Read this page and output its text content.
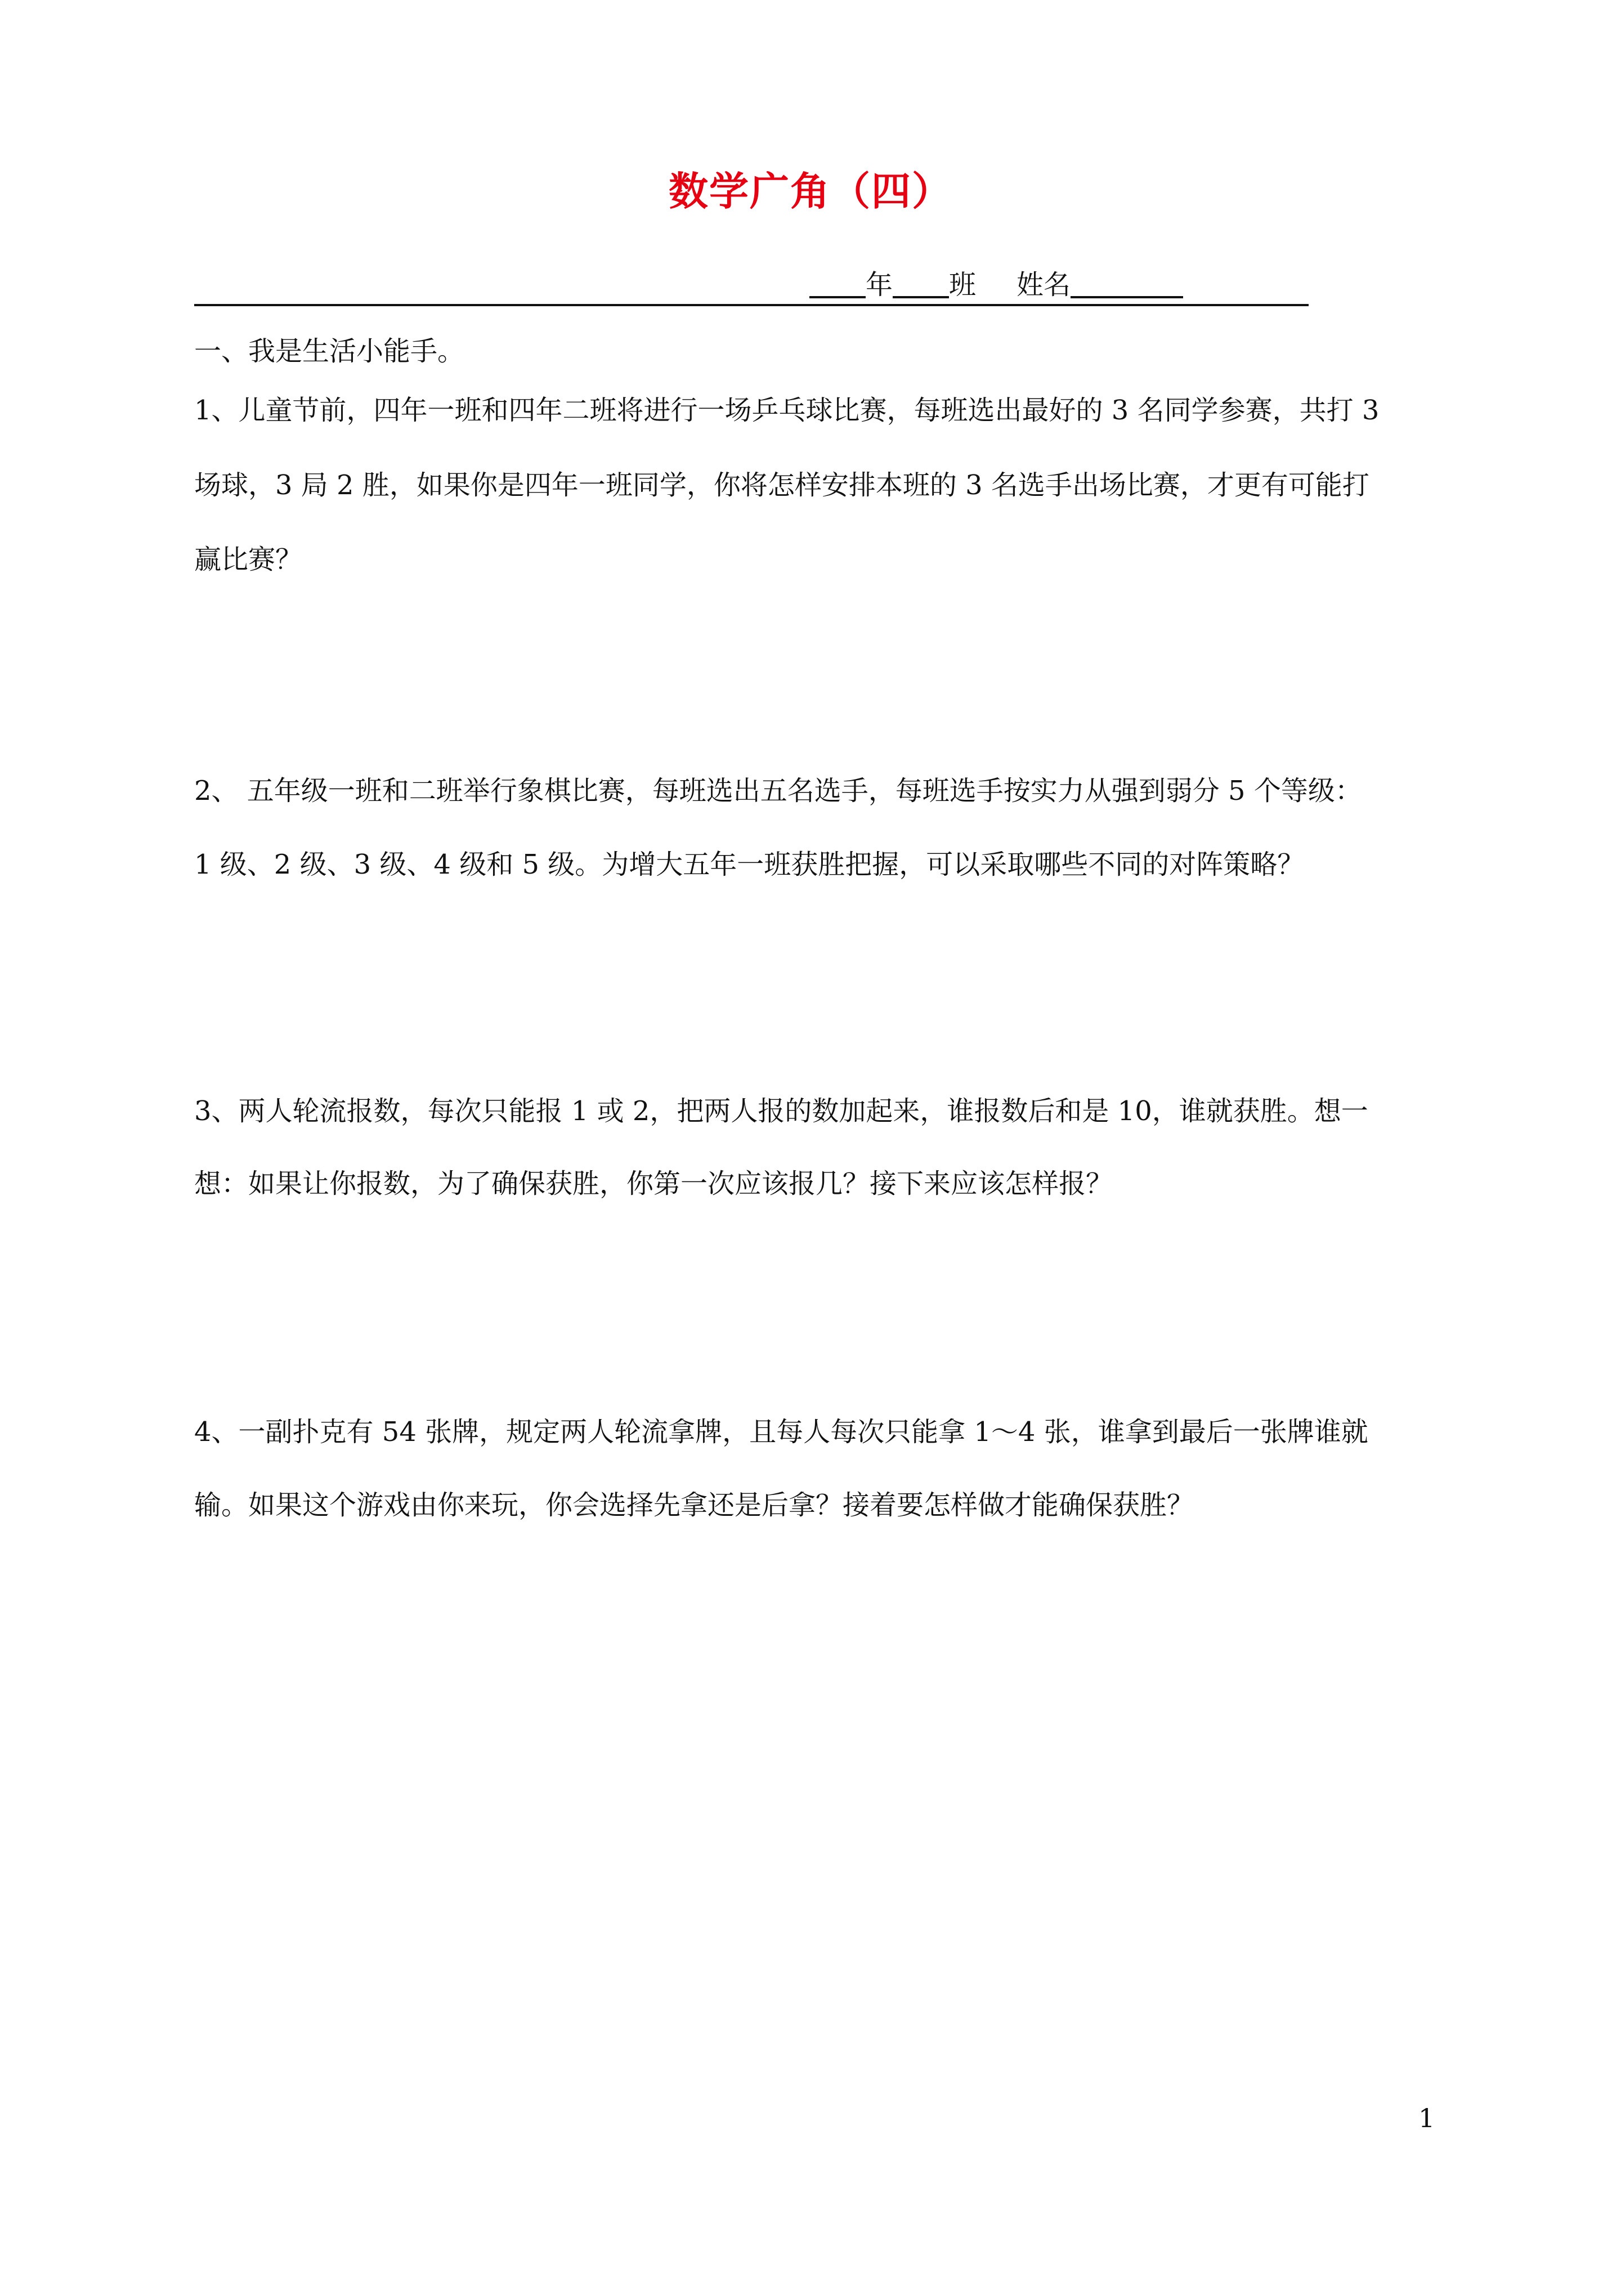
数学广角（四）
年 班 姓名
一、我是生活小能手。
1、儿童节前，四年一班和四年二班将进行一场乒乓球比赛，每班选出最好的 3 名同学参赛，共打 3
场球，3 局 2 胜，如果你是四年一班同学，你将怎样安排本班的 3 名选手出场比赛，才更有可能打
赢比赛？
2、 五年级一班和二班举行象棋比赛，每班选出五名选手，每班选手按实力从强到弱分 5 个等级：
1 级、2 级、3 级、4 级和 5 级。为增大五年一班获胜把握，可以采取哪些不同的对阵策略？
3、两人轮流报数，每次只能报 1 或 2，把两人报的数加起来，谁报数后和是 10，谁就获胜。想一
想：如果让你报数，为了确保获胜，你第一次应该报几？接下来应该怎样报？
4、一副扑克有 54 张牌，规定两人轮流拿牌，且每人每次只能拿 1～4 张，谁拿到最后一张牌谁就
输。如果这个游戏由你来玩，你会选择先拿还是后拿？接着要怎样做才能确保获胜？
1
